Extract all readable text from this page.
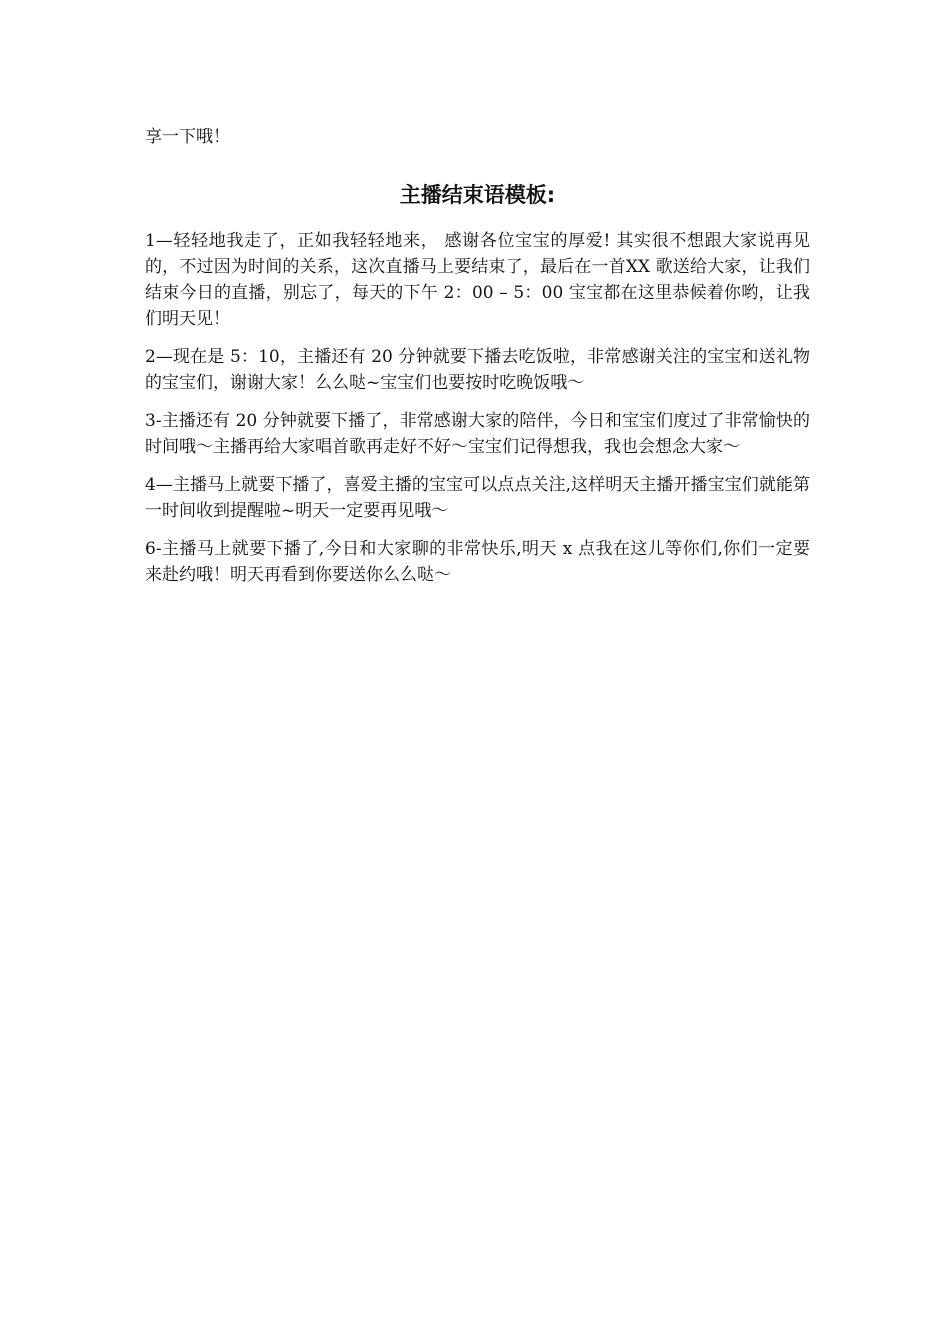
享一下哦！

主播结束语模板:

1—轻轻地我走了，正如我轻轻地来， 感谢各位宝宝的厚爱! 其实很不想跟大家说再见的，不过因为时间的关系，这次直播马上要结束了，最后在一首XX 歌送给大家，让我们结束今日的直播，别忘了，每天的下午 2：00 – 5：00 宝宝都在这里恭候着你哟，让我们明天见！

2—现在是 5：10，主播还有 20 分钟就要下播去吃饭啦，非常感谢关注的宝宝和送礼物的宝宝们，谢谢大家！么么哒~宝宝们也要按时吃晚饭哦～

3-主播还有 20 分钟就要下播了，非常感谢大家的陪伴，今日和宝宝们度过了非常愉快的时间哦～主播再给大家唱首歌再走好不好～宝宝们记得想我，我也会想念大家～

4—主播马上就要下播了，喜爱主播的宝宝可以点点关注,这样明天主播开播宝宝们就能第一时间收到提醒啦~明天一定要再见哦～

6-主播马上就要下播了,今日和大家聊的非常快乐,明天 x 点我在这儿等你们,你们一定要来赴约哦！明天再看到你要送你么么哒～
